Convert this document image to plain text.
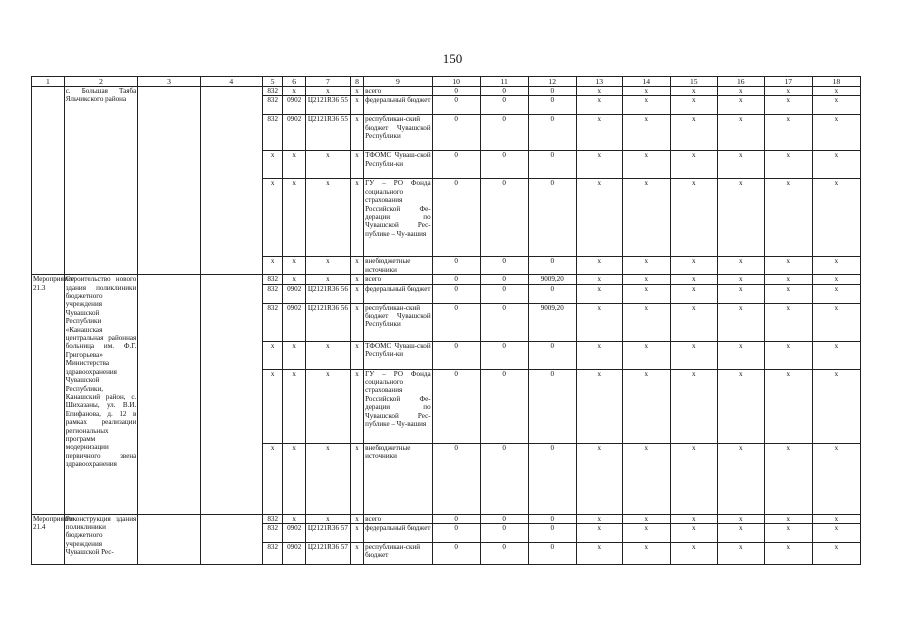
150
1	2	3	4	5	6	7	8	9	10	11	12	13	14	15	16	17	18
	с. Большая Таяба Яльчикского района			832	х	х	х	всего	0	0	0	х	х	х	х	х	х
				832	0902	Ц2121R36 55	х	федеральный бюджет	0	0	0	х	х	х	х	х	х
				832	0902	Ц2121R36 55	х	республикан-ский бюджет Чувашской Республики	0	0	0	х	х	х	х	х	х
				х	х	х	х	ТФОМС Чуваш-ской Республи-ки	0	0	0	х	х	х	х	х	х
				х	х	х	х	ГУ – РО Фонда социального страхования Российской Фе-дерации по Чувашской Рес-публике – Чу-вашия	0	0	0	х	х	х	х	х	х
				х	х	х	х	внебюджетные источники	0	0	0	х	х	х	х	х	х
Мероприятие 21.3	Строительство нового здания поликлиники бюджетного учреждения Чувашской Республики «Канашская центральная районная больница им. Ф.Г. Григорьева» Министерства здравоохранения Чувашской Республики, Канашский район, с. Шихазаны, ул. В.И. Епифанова, д. 12 в рамках реализации региональных программ модернизации первичного звена здравоохранения			832	х	х	х	всего	0	0	9009,20	х	х	х	х	х	х
				832	0902	Ц2121R36 56	х	федеральный бюджет	0	0	0	х	х	х	х	х	х
				832	0902	Ц2121R36 56	х	республикан-ский бюджет Чувашской Республики	0	0	9009,20	х	х	х	х	х	х
				х	х	х	х	ТФОМС Чуваш-ской Республи-ки	0	0	0	х	х	х	х	х	х
				х	х	х	х	ГУ – РО Фонда социального страхования Российской Фе-дерации по Чувашской Рес-публике – Чу-вашия	0	0	0	х	х	х	х	х	х
				х	х	х	х	внебюджетные источники	0	0	0	х	х	х	х	х	х
Мероприятие 21.4	Реконструкция здания поликлиники бюджетного учреждения Чувашской Рес-			832	х	х	х	всего	0	0	0	х	х	х	х	х	х
				832	0902	Ц2121R36 57	х	федеральный бюджет	0	0	0	х	х	х	х	х	х
				832	0902	Ц2121R36 57	х	республикан-ский бюджет	0	0	0	х	х	х	х	х	х
